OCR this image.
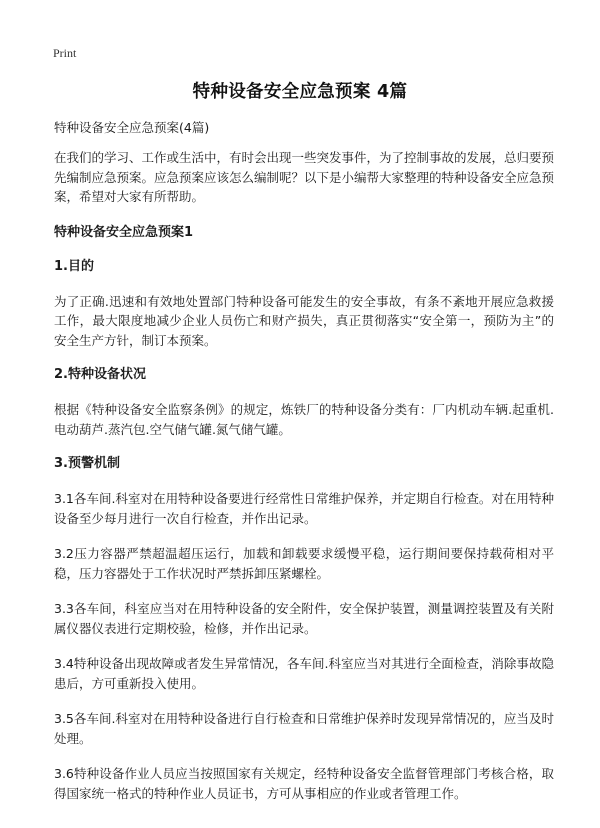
Print
特种设备安全应急预案 4篇

特种设备安全应急预案(4篇)

在我们的学习、工作或生活中，有时会出现一些突发事件，为了控制事故的发展，总归要预先编制应急预案。应急预案应该怎么编制呢？以下是小编帮大家整理的特种设备安全应急预案，希望对大家有所帮助。

特种设备安全应急预案1

1.目的

为了正确.迅速和有效地处置部门特种设备可能发生的安全事故，有条不紊地开展应急救援工作，最大限度地减少企业人员伤亡和财产损失，真正贯彻落实“安全第一，预防为主”的安全生产方针，制订本预案。

2.特种设备状况

根据《特种设备安全监察条例》的规定，炼铁厂的特种设备分类有：厂内机动车辆.起重机.电动葫芦.蒸汽包.空气储气罐.氮气储气罐。

3.预警机制

3.1各车间.科室对在用特种设备要进行经常性日常维护保养，并定期自行检查。对在用特种设备至少每月进行一次自行检查，并作出记录。

3.2压力容器严禁超温超压运行，加载和卸载要求缓慢平稳，运行期间要保持载荷相对平稳，压力容器处于工作状况时严禁拆卸压紧螺栓。

3.3各车间，科室应当对在用特种设备的安全附件，安全保护装置，测量调控装置及有关附属仪器仪表进行定期校验，检修，并作出记录。

3.4特种设备出现故障或者发生异常情况，各车间.科室应当对其进行全面检查，消除事故隐患后，方可重新投入使用。

3.5各车间.科室对在用特种设备进行自行检查和日常维护保养时发现异常情况的，应当及时处理。

3.6特种设备作业人员应当按照国家有关规定，经特种设备安全监督管理部门考核合格，取得国家统一格式的特种作业人员证书，方可从事相应的作业或者管理工作。
